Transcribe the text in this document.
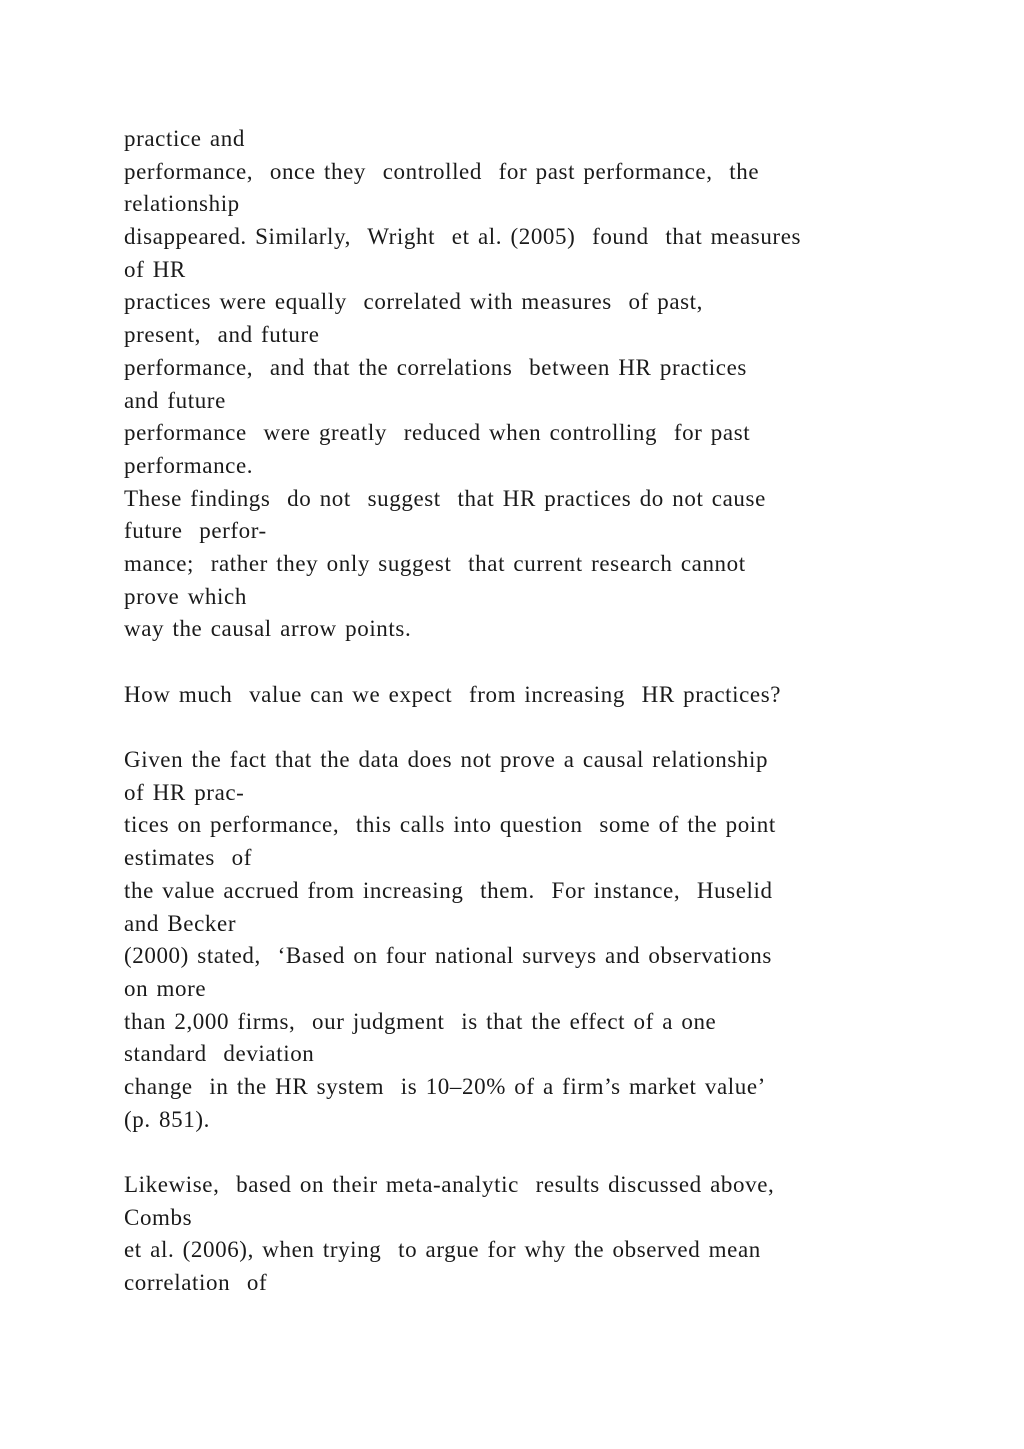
practice and
performance,  once they  controlled  for past performance,  the
relationship
disappeared. Similarly,  Wright  et al. (2005)  found  that measures
of HR
practices were equally  correlated with measures  of past,
present,  and future
performance,  and that the correlations  between HR practices
and future
performance  were greatly  reduced when controlling  for past
performance.
These findings  do not  suggest  that HR practices do not cause
future  perfor-
mance;  rather they only suggest  that current research cannot
prove which
way the causal arrow points.
How much  value can we expect  from increasing  HR practices?
Given the fact that the data does not prove a causal relationship
of HR prac-
tices on performance,  this calls into question  some of the point
estimates  of
the value accrued from increasing  them.  For instance,  Huselid
and Becker
(2000) stated,  ‘Based on four national surveys and observations
on more
than 2,000 firms,  our judgment  is that the effect of a one
standard  deviation
change  in the HR system  is 10–20% of a firm’s market value’
(p. 851).
Likewise,  based on their meta-analytic  results discussed above,
Combs
et al. (2006), when trying  to argue for why the observed mean
correlation  of
